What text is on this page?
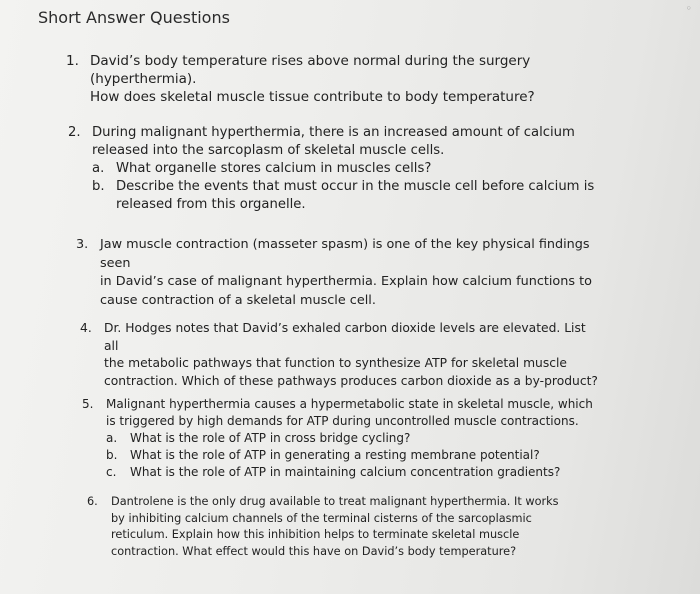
Short Answer Questions	◦
1. David’s body temperature rises above normal during the surgery (hyperthermia).
How does skeletal muscle tissue contribute to body temperature?
2. During malignant hyperthermia, there is an increased amount of calcium
released into the sarcoplasm of skeletal muscle cells.
a. What organelle stores calcium in muscles cells?
b. Describe the events that must occur in the muscle cell before calcium is
released from this organelle.
3. Jaw muscle contraction (masseter spasm) is one of the key physical findings seen
in David’s case of malignant hyperthermia. Explain how calcium functions to
cause contraction of a skeletal muscle cell.
4. Dr. Hodges notes that David’s exhaled carbon dioxide levels are elevated. List all
the metabolic pathways that function to synthesize ATP for skeletal muscle
contraction. Which of these pathways produces carbon dioxide as a by-product?
5. Malignant hyperthermia causes a hypermetabolic state in skeletal muscle, which
is triggered by high demands for ATP during uncontrolled muscle contractions.
a. What is the role of ATP in cross bridge cycling?
b. What is the role of ATP in generating a resting membrane potential?
c. What is the role of ATP in maintaining calcium concentration gradients?
6. Dantrolene is the only drug available to treat malignant hyperthermia. It works
by inhibiting calcium channels of the terminal cisterns of the sarcoplasmic
reticulum. Explain how this inhibition helps to terminate skeletal muscle
contraction. What effect would this have on David’s body temperature?
